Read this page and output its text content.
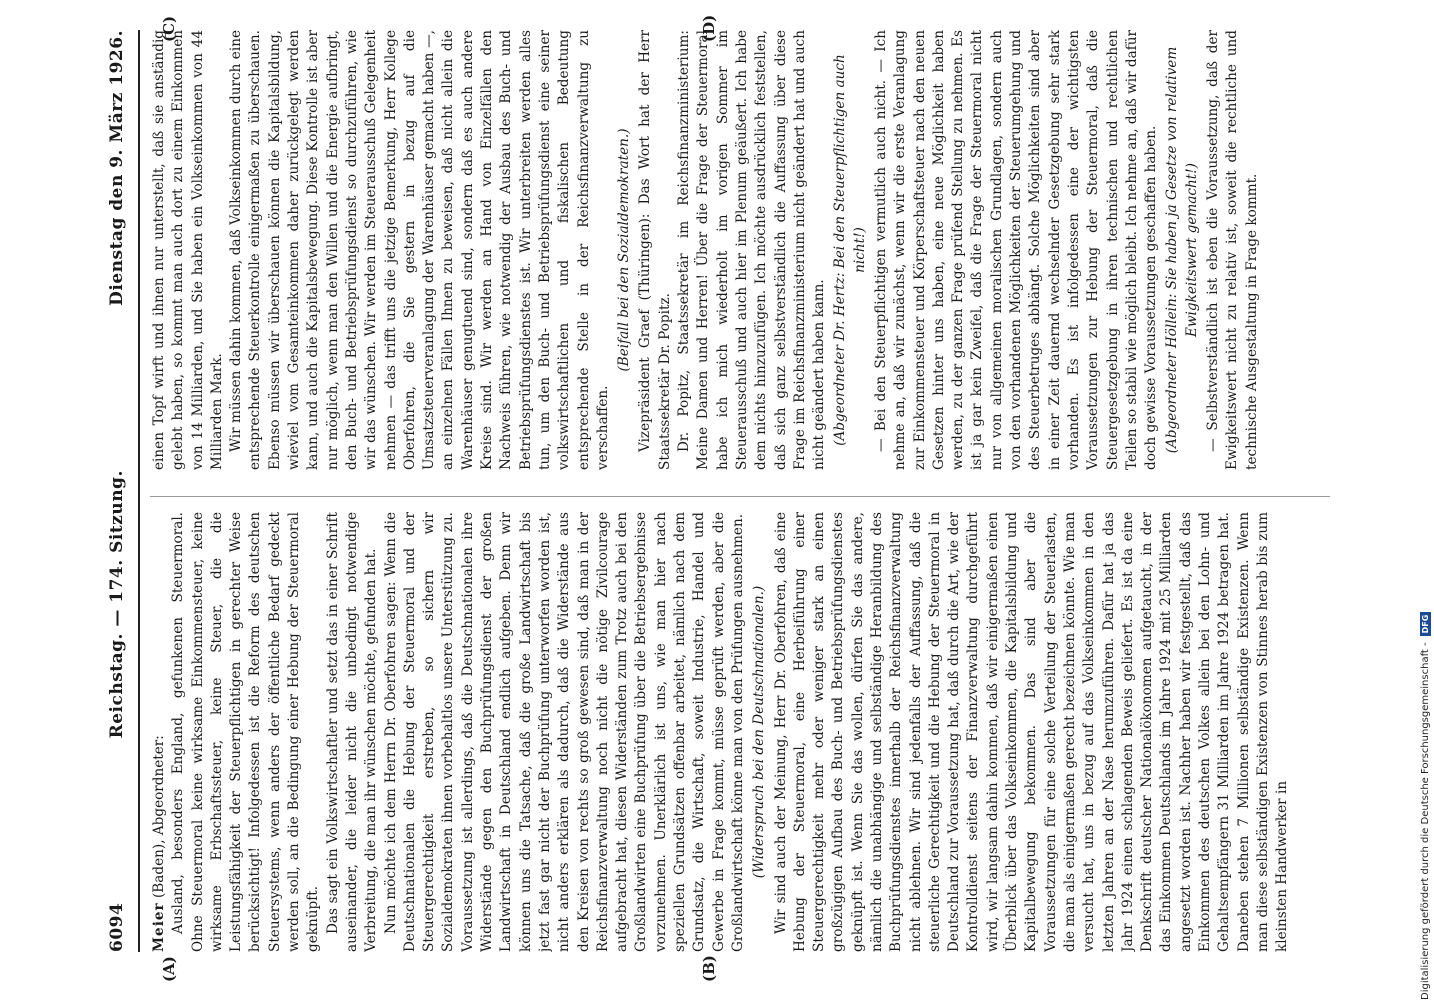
6094
Reichstag. — 174. Sitzung.
Dienstag den 9. März 1926.
(A)	(B)
(C)	(D)

Meier (Baden), Abgeordneter: Ausland, besonders England, gefunkenen Steuermoral. Ohne Steuermoral keine wirksame Einkommensteuer, keine wirksame Erbschaftssteuer, keine Steuer, die die Leistungsfähigkeit der Steuerpflichtigen in gerechter Weise berücksichtigt! Infolgedessen ist die Reform des deutschen Steuersystems, wenn anders der öffentliche Bedarf gedeckt werden soll, an die Bedingung einer Hebung der Steuermoral geknüpft. Das sagt ein Volkswirtschaftler und setzt das in einer Schrift auseinander, die leider nicht die unbedingt notwendige Verbreitung, die man ihr wünschen möchte, gefunden hat. Nun möchte ich dem Herrn Dr. Oberfohren sagen: Wenn die Deutschnationalen die Hebung der Steuermoral und der Steuergerechtigkeit erstreben, so sichern wir Sozialdemokraten ihnen vorbehaltlos unsere Unterstützung zu. Voraussetzung ist allerdings, daß die Deutschnationalen ihre Widerstände gegen den Buchprüfungsdienst der großen Landwirtschaft in Deutschland endlich aufgeben. Denn wir können uns die Tatsache, daß die große Landwirtschaft bis jetzt fast gar nicht der Buchprüfung unterworfen worden ist, nicht anders erklären als dadurch, daß die Widerstände aus den Kreisen von rechts so groß gewesen sind, daß man in der Reichsfinanzverwaltung noch nicht die nötige Zivilcourage aufgebracht hat, diesen Widerständen zum Trotz auch bei den Großlandwirten eine Buchprüfung über die Betriebsergebnisse vorzunehmen. Unerklärlich ist uns, wie man hier nach speziellen Grundsätzen offenbar arbeitet, nämlich nach dem Grundsatz, die Wirtschaft, soweit Industrie, Handel und Gewerbe in Frage kommt, müsse geprüft werden, aber die Großlandwirtschaft könne man von den Prüfungen ausnehmen. (Widerspruch bei den Deutschnationalen.) Wir sind auch der Meinung, Herr Dr. Oberfohren, daß eine Hebung der Steuermoral, eine Herbeiführung einer Steuergerechtigkeit mehr oder weniger stark an einen großzügigen Aufbau des Buch- und Betriebsprüfungsdienstes geknüpft ist. Wenn Sie das wollen, dürfen Sie das andere, nämlich die unabhängige und selbständige Heranbildung des Buchprüfungsdienstes innerhalb der Reichsfinanzverwaltung nicht ablehnen. Wir sind jedenfalls der Auffassung, daß die steuerliche Gerechtigkeit und die Hebung der Steuermoral in Deutschland zur Voraussetzung hat, daß durch die Art, wie der Kontrolldienst seitens der Finanzverwaltung durchgeführt wird, wir langsam dahin kommen, daß wir einigermaßen einen Überblick über das Volkseinkommen, die Kapitalsbildung und Kapitalbewegung bekommen. Das sind aber die Voraussetzungen für eine solche Verteilung der Steuerlasten, die man als einigermaßen gerecht bezeichnen könnte. Wie man versucht hat, uns in bezug auf das Volkseinkommen in den letzten Jahren an der Nase herumzuführen. Dafür hat ja das Jahr 1924 einen schlagenden Beweis geliefert. Es ist da eine Denkschrift deutscher Nationalökonomen aufgetaucht, in der das Einkommen Deutschlands im Jahre 1924 mit 25 Milliarden angesetzt worden ist. Nachher haben wir festgestellt, daß das Einkommen des deutschen Volkes allein bei den Lohn- und Gehaltsempfängern 31 Milliarden im Jahre 1924 betragen hat. Daneben stehen 7 Millionen selbständige Existenzen. Wenn man diese selbständigen Existenzen von Stinnes herab bis zum kleinsten Handwerker in

einen Topf wirft und ihnen nur unterstellt, daß sie anständig gelebt haben, so kommt man auch dort zu einem Einkommen von 14 Milliarden, und Sie haben ein Volkseinkommen von 44 Milliarden Mark. Wir müssen dahin kommen, daß Volkseinkommen durch eine entsprechende Steuerkontrolle einigermaßen zu überschauen. Ebenso müssen wir überschauen können die Kapitalsbildung, wieviel vom Gesamteinkommen daher zurückgelegt werden kann, und auch die Kapitalsbewegung. Diese Kontrolle ist aber nur möglich, wenn man den Willen und die Energie aufbringt, den Buch- und Betriebsprüfungsdienst so durchzuführen, wie wir das wünschen. Wir werden im Steuerausschuß Gelegenheit nehmen — das trifft uns die jetzige Bemerkung, Herr Kollege Oberfohren, die Sie gestern in bezug auf die Umsatzsteuerveranlagung der Warenhäuser gemacht haben —, an einzelnen Fällen Ihnen zu beweisen, daß nicht allein die Warenhäuser genugtuend sind, sondern daß es auch andere Kreise sind. Wir werden an Hand von Einzelfällen den Nachweis führen, wie notwendig der Ausbau des Buch- und Betriebsprüfungsdienstes ist. Wir unterbreiten werden alles tun, um den Buch- und Betriebsprüfungsdienst eine seiner volkswirtschaftlichen und fiskalischen Bedeutung entsprechende Stelle in der Reichsfinanzverwaltung zu verschaffen.

(Beifall bei den Sozialdemokraten.) Vizepräsident Graef (Thüringen): Das Wort hat der Herr Staatssekretär Dr. Popitz. Dr. Popitz, Staatssekretär im Reichsfinanzministerium: Meine Damen und Herren! Über die Frage der Steuermoral habe ich mich wiederholt im vorigen Sommer im Steuerausschuß und auch hier im Plenum geäußert. Ich habe dem nichts hinzuzufügen. Ich möchte ausdrücklich feststellen, daß sich ganz selbstverständlich die Auffassung über diese Frage im Reichsfinanzministerium nicht geändert hat und auch nicht geändert haben kann. (Abgeordneter Dr. Hertz: Bei den Steuerpflichtigen auch nicht!) — Bei den Steuerpflichtigen vermutlich auch nicht. — Ich nehme an, daß wir zunächst, wenn wir die erste Veranlagung zur Einkommensteuer und Körperschaftsteuer nach den neuen Gesetzen hinter uns haben, eine neue Möglichkeit haben werden, zu der ganzen Frage prüfend Stellung zu nehmen. Es ist ja gar kein Zweifel, daß die Frage der Steuermoral nicht nur von allgemeinen moralischen Grundlagen, sondern auch von den vorhandenen Möglichkeiten der Steuerumgehung und des Steuerbetruges abhängt. Solche Möglichkeiten sind aber in einer Zeit dauernd wechselnder Gesetzgebung sehr stark vorhanden. Es ist infolgedessen eine der wichtigsten Voraussetzungen zur Hebung der Steuermoral, daß die Steuergesetzgebung in ihren technischen und rechtlichen Teilen so stabil wie möglich bleibt. Ich nehme an, daß wir dafür doch gewisse Voraussetzungen geschaffen haben. (Abgeordneter Höllein: Sie haben ja Gesetze von relativem Ewigkeitswert gemacht!) — Selbstverständlich ist eben die Voraussetzung, daß der Ewigkeitswert nicht zu relativ ist, soweit die rechtliche und technische Ausgestaltung in Frage kommt.

Digitalisierung gefördert durch die Deutsche Forschungsgemeinschaft -
DFG
